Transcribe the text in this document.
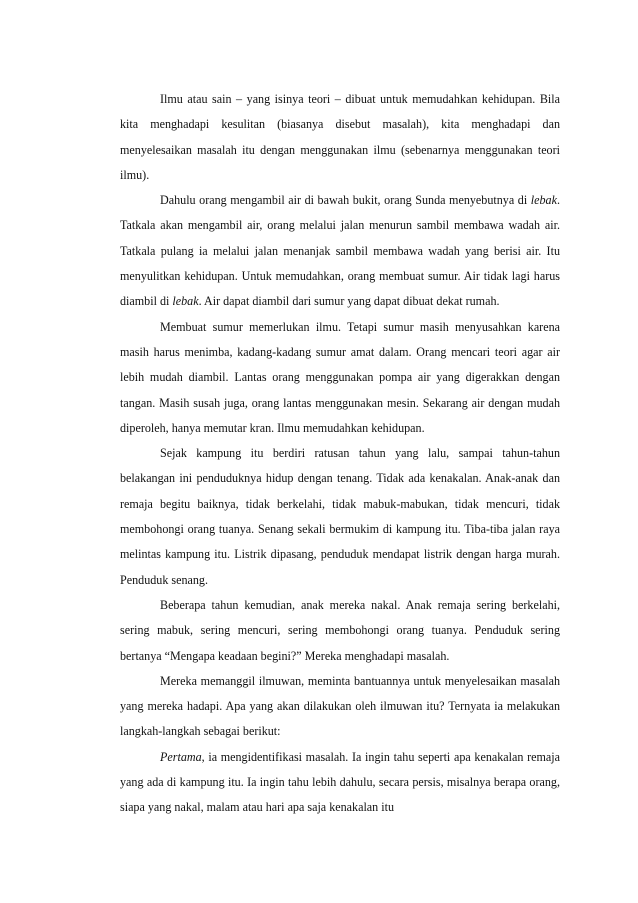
Ilmu atau sain – yang isinya teori – dibuat untuk memudahkan kehidupan. Bila kita menghadapi kesulitan (biasanya disebut masalah), kita menghadapi dan menyelesaikan masalah itu dengan menggunakan ilmu (sebenarnya menggunakan teori ilmu).

Dahulu orang mengambil air di bawah bukit, orang Sunda menyebutnya di lebak. Tatkala akan mengambil air, orang melalui jalan menurun sambil membawa wadah air. Tatkala pulang ia melalui jalan menanjak sambil membawa wadah yang berisi air. Itu menyulitkan kehidupan. Untuk memudahkan, orang membuat sumur. Air tidak lagi harus diambil di lebak. Air dapat diambil dari sumur yang dapat dibuat dekat rumah.

Membuat sumur memerlukan ilmu. Tetapi sumur masih menyusahkan karena masih harus menimba, kadang-kadang sumur amat dalam. Orang mencari teori agar air lebih mudah diambil. Lantas orang menggunakan pompa air yang digerakkan dengan tangan. Masih susah juga, orang lantas menggunakan mesin. Sekarang air dengan mudah diperoleh, hanya memutar kran. Ilmu memudahkan kehidupan.

Sejak kampung itu berdiri ratusan tahun yang lalu, sampai tahun-tahun belakangan ini penduduknya hidup dengan tenang. Tidak ada kenakalan. Anak-anak dan remaja begitu baiknya, tidak berkelahi, tidak mabuk-mabukan, tidak mencuri, tidak membohongi orang tuanya. Senang sekali bermukim di kampung itu. Tiba-tiba jalan raya melintas kampung itu. Listrik dipasang, penduduk mendapat listrik dengan harga murah. Penduduk senang.

Beberapa tahun kemudian, anak mereka nakal. Anak remaja sering berkelahi, sering mabuk, sering mencuri, sering membohongi orang tuanya. Penduduk sering bertanya “Mengapa keadaan begini?” Mereka menghadapi masalah.

Mereka memanggil ilmuwan, meminta bantuannya untuk menyelesaikan masalah yang mereka hadapi. Apa yang akan dilakukan oleh ilmuwan itu? Ternyata ia melakukan langkah-langkah sebagai berikut:

Pertama, ia mengidentifikasi masalah. Ia ingin tahu seperti apa kenakalan remaja yang ada di kampung itu. Ia ingin tahu lebih dahulu, secara persis, misalnya berapa orang, siapa yang nakal, malam atau hari apa saja kenakalan itu
